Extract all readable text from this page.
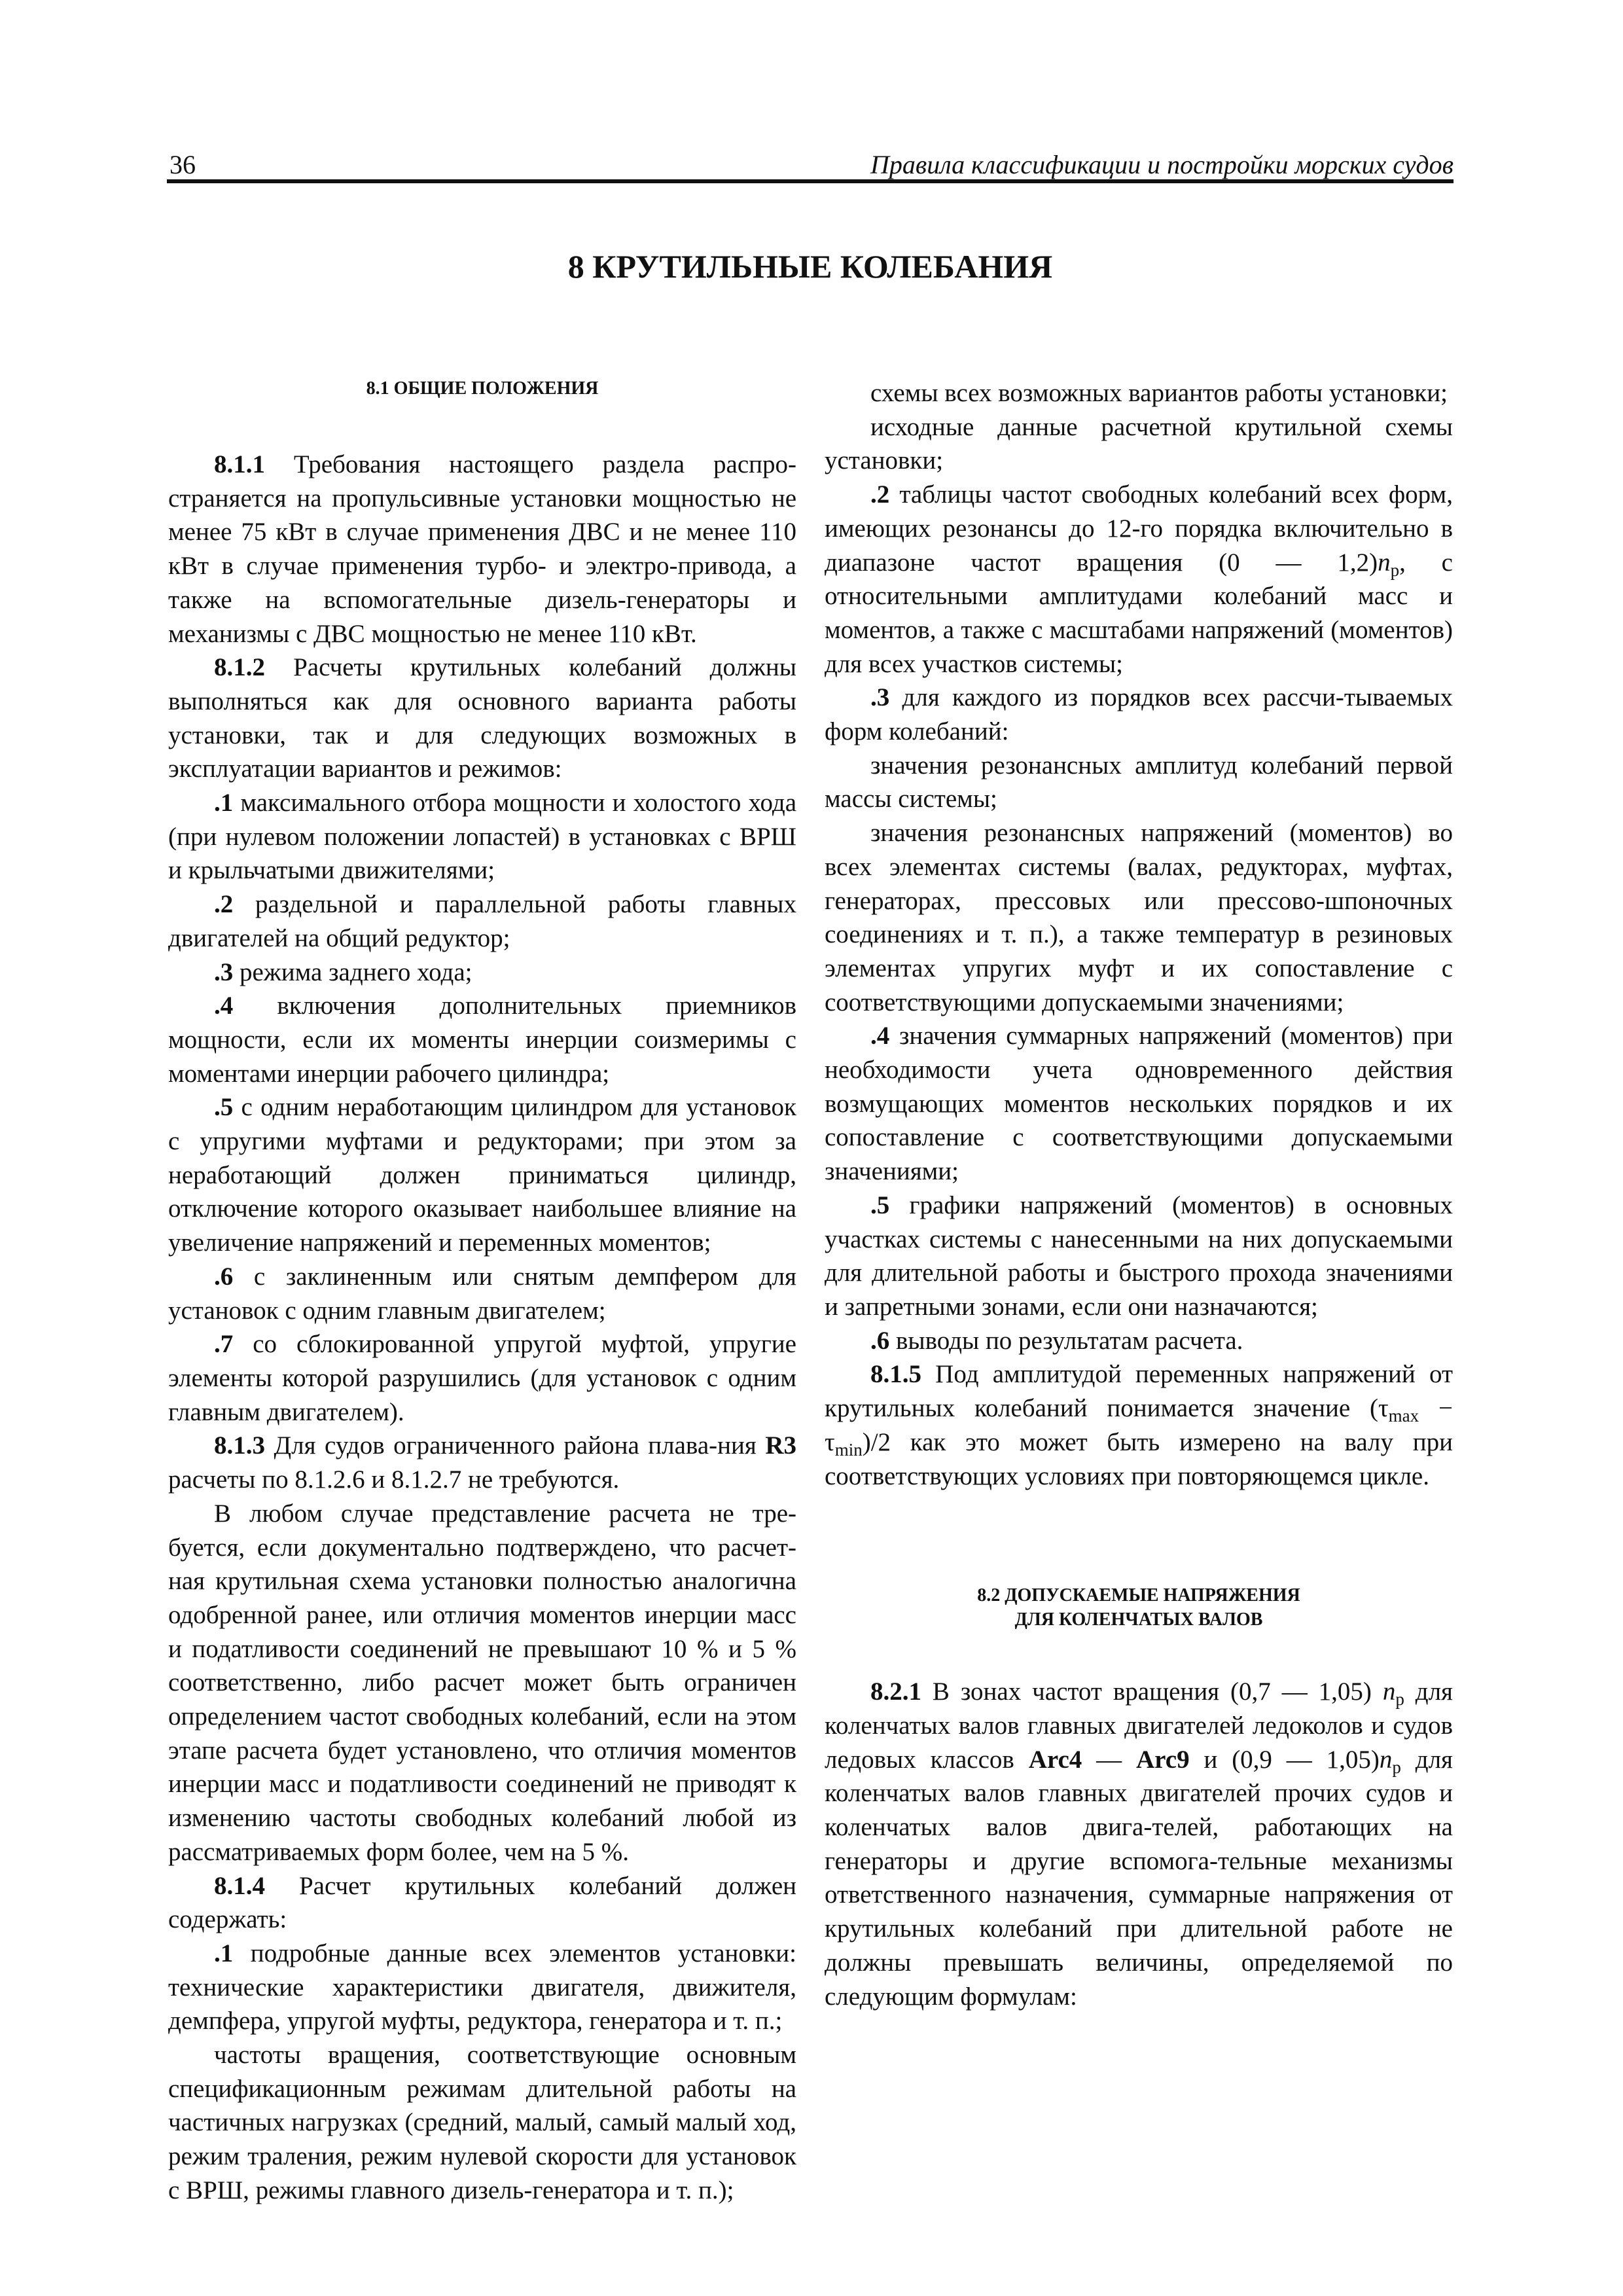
36	Правила классификации и постройки морских судов
8 КРУТИЛЬНЫЕ КОЛЕБАНИЯ

8.1 ОБЩИЕ ПОЛОЖЕНИЯ

8.1.1 Требования настоящего раздела распро-страняется на пропульсивные установки мощностью не менее 75 кВт в случае применения ДВС и не менее 110 кВт в случае применения турбо- и электро-привода, а также на вспомогательные дизель-генераторы и механизмы с ДВС мощностью не менее 110 кВт.

8.1.2 Расчеты крутильных колебаний должны выполняться как для основного варианта работы установки, так и для следующих возможных в эксплуатации вариантов и режимов:

.1 максимального отбора мощности и холостого хода (при нулевом положении лопастей) в установках с ВРШ и крыльчатыми движителями;

.2 раздельной и параллельной работы главных двигателей на общий редуктор;

.3 режима заднего хода;

.4 включения дополнительных приемников мощности, если их моменты инерции соизмеримы с моментами инерции рабочего цилиндра;

.5 с одним неработающим цилиндром для установок с упругими муфтами и редукторами; при этом за неработающий должен приниматься цилиндр, отключение которого оказывает наибольшее влияние на увеличение напряжений и переменных моментов;

.6 с заклиненным или снятым демпфером для установок с одним главным двигателем;

.7 со сблокированной упругой муфтой, упругие элементы которой разрушились (для установок с одним главным двигателем).

8.1.3 Для судов ограниченного района плава-ния R3 расчеты по 8.1.2.6 и 8.1.2.7 не требуются.

В любом случае представление расчета не тре-буется, если документально подтверждено, что расчет-ная крутильная схема установки полностью аналогична одобренной ранее, или отличия моментов инерции масс и податливости соединений не превышают 10 % и 5 % соответственно, либо расчет может быть ограничен определением частот свободных колебаний, если на этом этапе расчета будет установлено, что отличия моментов инерции масс и податливости соединений не приводят к изменению частоты свободных колебаний любой из рассматриваемых форм более, чем на 5 %.

8.1.4 Расчет крутильных колебаний должен содержать:

.1 подробные данные всех элементов установки: технические характеристики двигателя, движителя, демпфера, упругой муфты, редуктора, генератора и т. п.;

частоты вращения, соответствующие основным спецификационным режимам длительной работы на частичных нагрузках (средний, малый, самый малый ход, режим траления, режим нулевой скорости для установок с ВРШ, режимы главного дизель-генератора и т. п.);

схемы всех возможных вариантов работы установки;

исходные данные расчетной крутильной схемы установки;

.2 таблицы частот свободных колебаний всех форм, имеющих резонансы до 12-го порядка включительно в диапазоне частот вращения (0 — $1,2)n_р$, с относительными амплитудами колебаний масс и моментов, а также с масштабами напряжений (моментов) для всех участков системы;

.3 для каждого из порядков всех рассчи-тываемых форм колебаний:

значения резонансных амплитуд колебаний первой массы системы;

значения резонансных напряжений (моментов) во всех элементах системы (валах, редукторах, муфтах, генераторах, прессовых или прессово-шпоночных соединениях и т. п.), а также температур в резиновых элементах упругих муфт и их сопоставление с соответствующими допускаемыми значениями;

.4 значения суммарных напряжений (моментов) при необходимости учета одновременного действия возмущающих моментов нескольких порядков и их сопоставление с соответствующими допускаемыми значениями;

.5 графики напряжений (моментов) в основных участках системы с нанесенными на них допускаемыми для длительной работы и быстрого прохода значениями и запретными зонами, если они назначаются;

.6 выводы по результатам расчета.

8.1.5 Под амплитудой переменных напряжений от крутильных колебаний понимается значение $(\tau_{max} - \tau_{min})/2$ как это может быть измерено на валу при соответствующих условиях при повторяющемся цикле.

8.2 ДОПУСКАЕМЫЕ НАПРЯЖЕНИЯ
ДЛЯ КОЛЕНЧАТЫХ ВАЛОВ

8.2.1 В зонах частот вращения (0,7 — 1,05) $n_р$ для коленчатых валов главных двигателей ледоколов и судов ледовых классов Arc4 — Arc9 и (0,9 — $1,05)n_р$ для коленчатых валов главных двигателей прочих судов и коленчатых валов двига-телей, работающих на генераторы и другие вспомога-тельные механизмы ответственного назначения, суммарные напряжения от крутильных колебаний при длительной работе не должны превышать величины, определяемой по следующим формулам:
